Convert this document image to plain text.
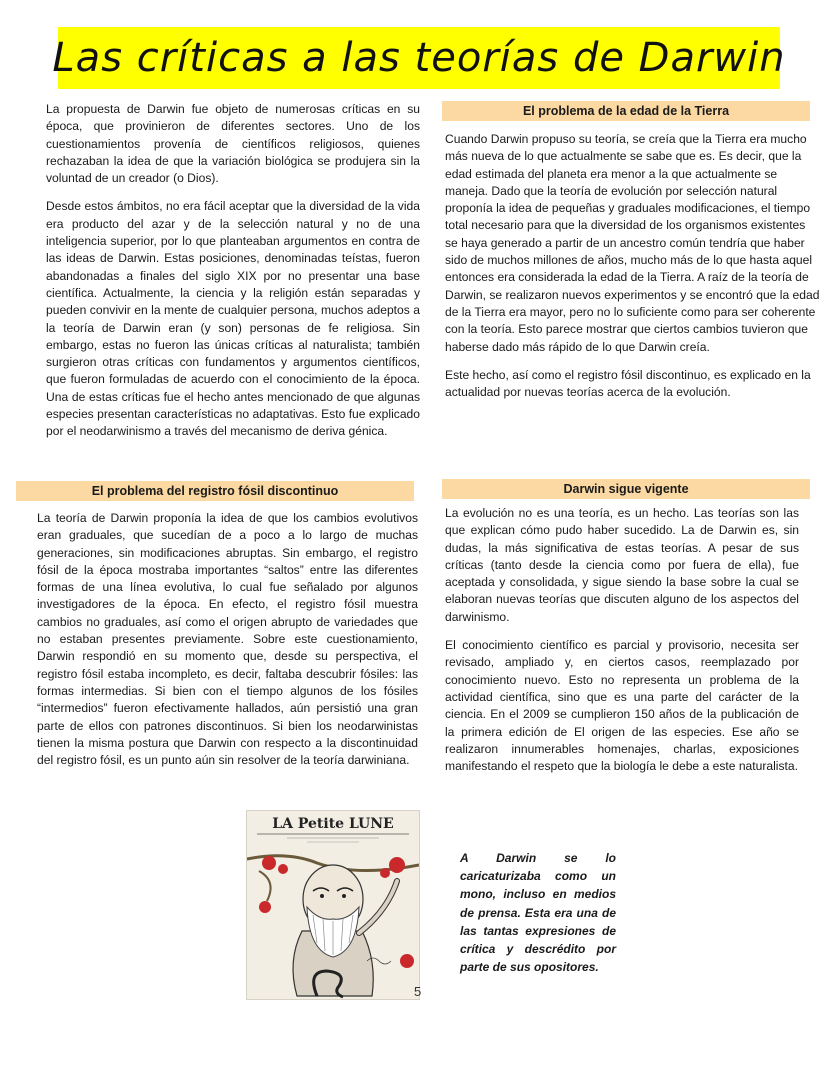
Las críticas a las teorías de Darwin

La propuesta de Darwin fue objeto de numerosas críticas en su época, que provinieron de diferentes sectores. Uno de los cuestionamientos provenía de científicos religiosos, quienes rechazaban la idea de que la variación biológica se produjera sin la voluntad de un creador (o Dios).

Desde estos ámbitos, no era fácil aceptar que la diversidad de la vida era producto del azar y de la selección natural y no de una inteligencia superior, por lo que planteaban argumentos en contra de las ideas de Darwin. Estas posiciones, denominadas teístas, fueron abandonadas a finales del siglo XIX por no presentar una base científica. Actualmente, la ciencia y la religión están separadas y pueden convivir en la mente de cualquier persona, muchos adeptos a la teoría de Darwin eran (y son) personas de fe religiosa. Sin embargo, estas no fueron las únicas críticas al naturalista; también surgieron otras críticas con fundamentos y argumentos científicos, que fueron formuladas de acuerdo con el conocimiento de la época. Una de estas críticas fue el hecho antes mencionado de que algunas especies presentan características no adaptativas. Esto fue explicado por el neodarwinismo a través del mecanismo de deriva génica.

El problema de la edad de la Tierra

Cuando Darwin propuso su teoría, se creía que la Tierra era mucho más nueva de lo que actualmente se sabe que es. Es decir, que la edad estimada del planeta era menor a la que actualmente se maneja. Dado que la teoría de evolución por selección natural proponía la idea de pequeñas y graduales modificaciones, el tiempo total necesario para que la diversidad de los organismos existentes se haya generado a partir de un ancestro común tendría que haber sido de muchos millones de años, mucho más de lo que hasta aquel entonces era considerada la edad de la Tierra. A raíz de la teoría de Darwin, se realizaron nuevos experimentos y se encontró que la edad de la Tierra era mayor, pero no lo suficiente como para ser coherente con la teoría. Esto parece mostrar que ciertos cambios tuvieron que haberse dado más rápido de lo que Darwin creía.

Este hecho, así como el registro fósil discontinuo, es explicado en la actualidad por nuevas teorías acerca de la evolución.

El problema del registro fósil discontinuo

La teoría de Darwin proponía la idea de que los cambios evolutivos eran graduales, que sucedían de a poco a lo largo de muchas generaciones, sin modificaciones abruptas. Sin embargo, el registro fósil de la época mostraba importantes “saltos” entre las diferentes formas de una línea evolutiva, lo cual fue señalado por algunos investigadores de la época. En efecto, el registro fósil muestra cambios no graduales, así como el origen abrupto de variedades que no estaban presentes previamente. Sobre este cuestionamiento, Darwin respondió en su momento que, desde su perspectiva, el registro fósil estaba incompleto, es decir, faltaba descubrir fósiles: las formas intermedias. Si bien con el tiempo algunos de los fósiles “intermedios” fueron efectivamente hallados, aún persistió una gran parte de ellos con patrones discontinuos. Si bien los neodarwinistas tienen la misma postura que Darwin con respecto a la discontinuidad del registro fósil, es un punto aún sin resolver de la teoría darwiniana.

Darwin sigue vigente

La evolución no es una teoría, es un hecho. Las teorías son las que explican cómo pudo haber sucedido. La de Darwin es, sin dudas, la más significativa de estas teorías. A pesar de sus críticas (tanto desde la ciencia como por fuera de ella), fue aceptada y consolidada, y sigue siendo la base sobre la cual se elaboran nuevas teorías que discuten alguno de los aspectos del darwinismo.

El conocimiento científico es parcial y provisorio, necesita ser revisado, ampliado y, en ciertos casos, reemplazado por conocimiento nuevo. Esto no representa un problema de la actividad científica, sino que es una parte del carácter de la ciencia. En el 2009 se cumplieron 150 años de la publicación de la primera edición de El origen de las especies. Ese año se realizaron innumerables homenajes, charlas, exposiciones manifestando el respeto que la biología le debe a este naturalista.

LA Petite LUNE
A Darwin se lo caricaturizaba como un mono, incluso en medios de prensa. Esta era una de las tantas expresiones de crítica y descrédito por parte de sus opositores.
5
